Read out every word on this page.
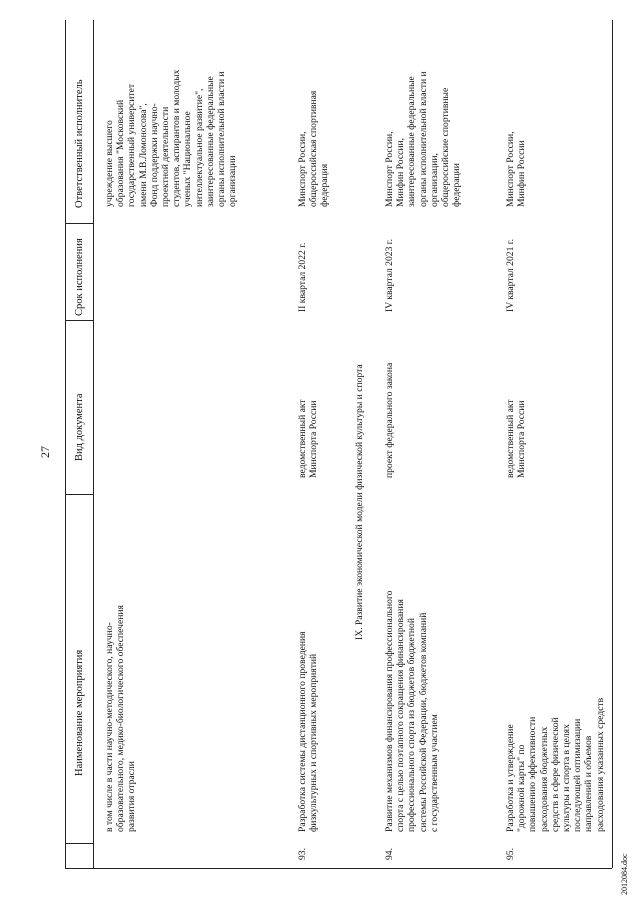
27
Наименование мероприятия
Вид документа
Срок исполнения
Ответственный исполнитель
в том числе в части научно-методического, научно-
образовательного, медико-биологического обеспечения
развития отрасли
учреждение высшего
образования "Московский
государственный университет
имени М.В.Ломоносова",
Фонд поддержки научно-
проектной деятельности
студентов, аспирантов и молодых
ученых "Национальное
интеллектуальное развитие",
заинтересованные федеральные
органы исполнительной власти и
организации
93.
Разработка системы дистанционного проведения
физкультурных и спортивных мероприятий
ведомственный акт
Минспорта России
II квартал 2022 г.
Минспорт России,
общероссийская спортивная
федерация
IX. Развитие экономической модели физической культуры и спорта
94.
Развитие механизмов финансирования профессионального
спорта с целью поэтапного сокращения финансирования
профессионального спорта из бюджетов бюджетной
системы Российской Федерации, бюджетов компаний
с государственным участием
проект федерального закона
IV квартал 2023 г.
Минспорт России,
Минфин России,
заинтересованные федеральные
органы исполнительной власти и
организации,
общероссийские спортивные
федерации
95.
Разработка и утверждение "дорожной карты" по
повышению эффективности расходования бюджетных
средств в сфере физической культуры и спорта в целях
последующей оптимизации направлений и объемов
расходования указанных средств
ведомственный акт
Минспорта России
IV квартал 2021 г.
Минспорт России,
Минфин России
2012084.doc
